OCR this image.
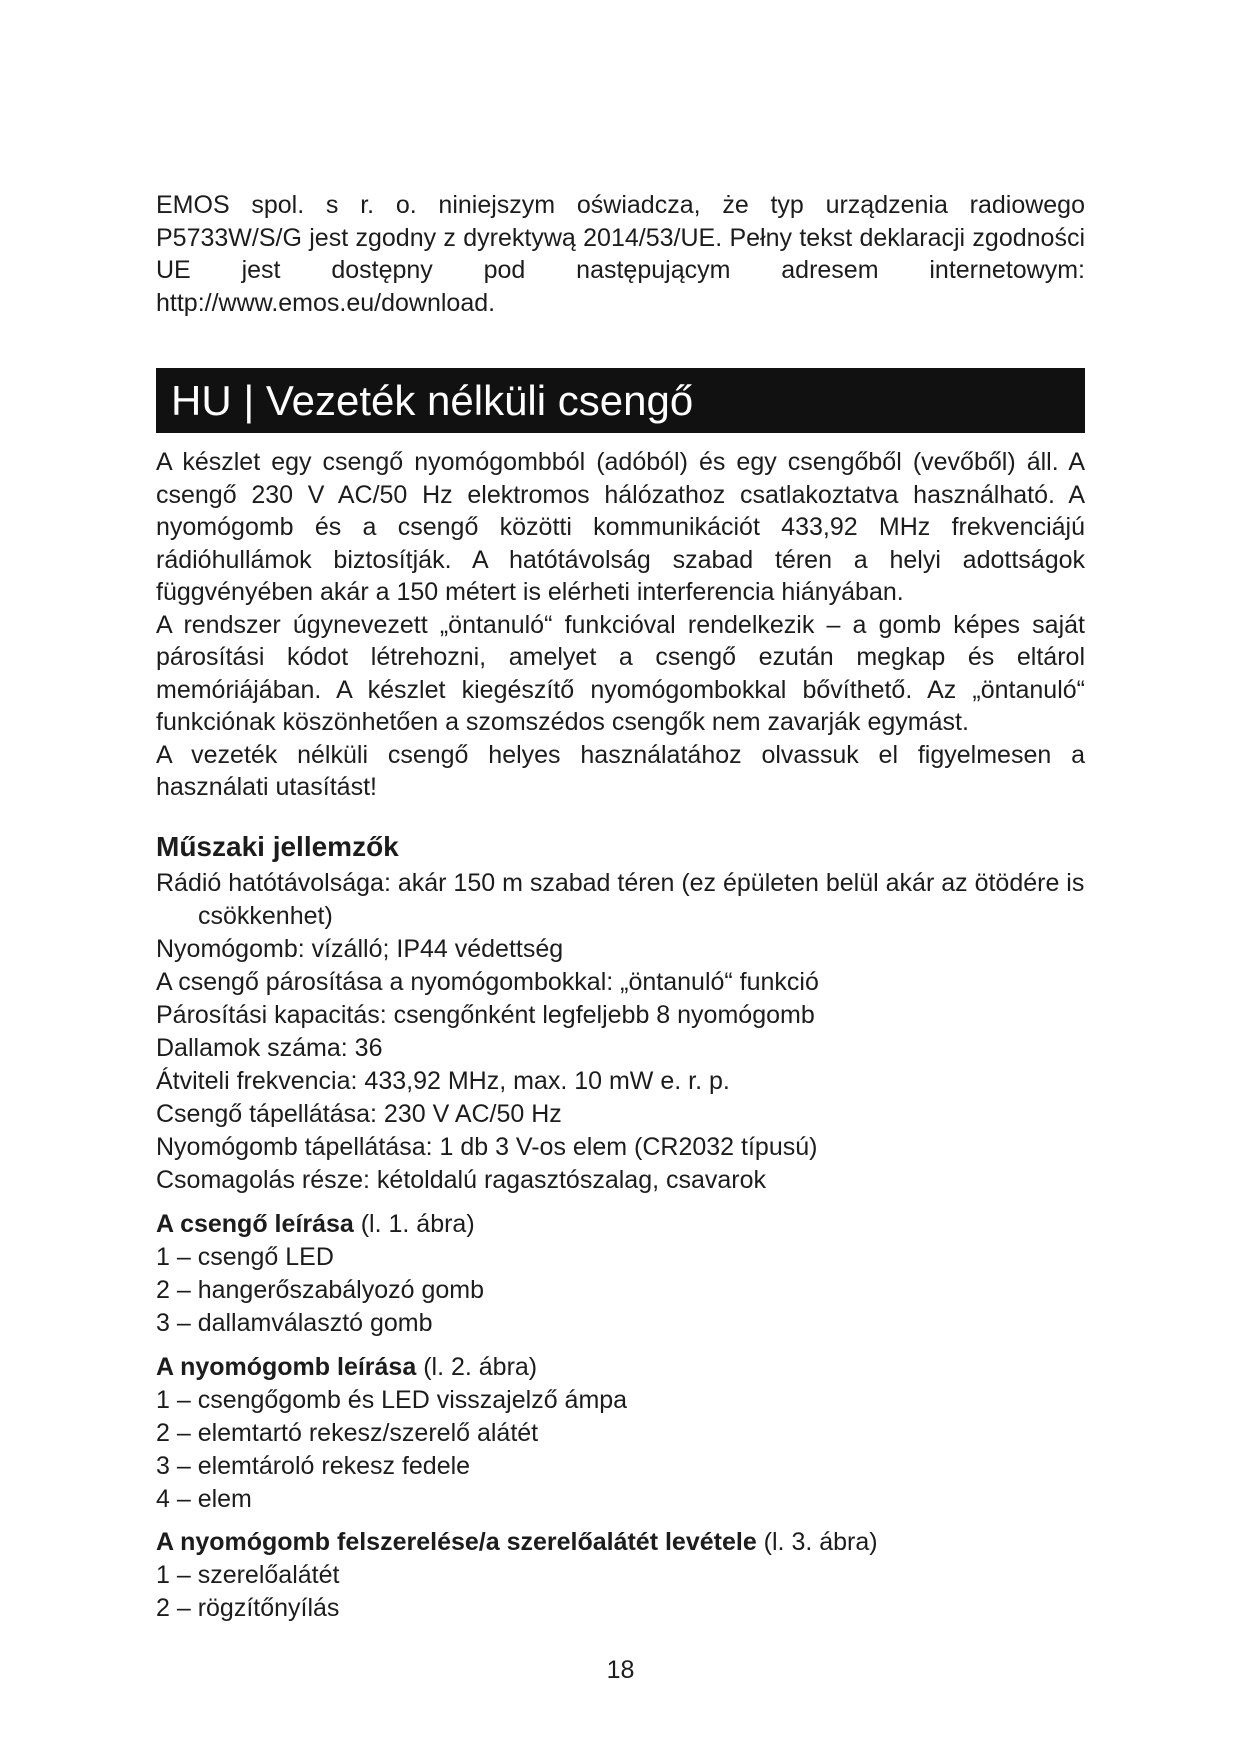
EMOS spol. s r. o. niniejszym oświadcza, że typ urządzenia radiowego P5733W/S/G jest zgodny z dyrektywą 2014/53/UE. Pełny tekst deklaracji zgodności UE jest dostępny pod następującym adresem internetowym: http://www.emos.eu/download.

HU | Vezeték nélküli csengő

A készlet egy csengő nyomógombból (adóból) és egy csengőből (vevőből) áll. A csengő 230 V AC/50 Hz elektromos hálózathoz csatlakoztatva használható. A nyomógomb és a csengő közötti kommunikációt 433,92 MHz frekvenciájú rádióhullámok biztosítják. A hatótávolság szabad téren a helyi adottságok függvényében akár a 150 métert is elérheti interferencia hiányában.

A rendszer úgynevezett „öntanuló“ funkcióval rendelkezik – a gomb képes saját párosítási kódot létrehozni, amelyet a csengő ezután megkap és eltárol memóriájában. A készlet kiegészítő nyomógombokkal bővíthető. Az „öntanuló“ funkciónak köszönhetően a szomszédos csengők nem zavarják egymást.

A vezeték nélküli csengő helyes használatához olvassuk el figyelmesen a használati utasítást!

Műszaki jellemzők
Rádió hatótávolsága: akár 150 m szabad téren (ez épületen belül akár az ötödére is csökkenhet)
Nyomógomb: vízálló; IP44 védettség
A csengő párosítása a nyomógombokkal: „öntanuló“ funkció
Párosítási kapacitás: csengőnként legfeljebb 8 nyomógomb
Dallamok száma: 36
Átviteli frekvencia: 433,92 MHz, max. 10 mW e. r. p.
Csengő tápellátása: 230 V AC/50 Hz
Nyomógomb tápellátása: 1 db 3 V-os elem (CR2032 típusú)
Csomagolás része: kétoldalú ragasztószalag, csavarok

A csengő leírása (l. 1. ábra)

1 – csengő LED
2 – hangerőszabályozó gomb
3 – dallamválasztó gomb

A nyomógomb leírása (l. 2. ábra)

1 – csengőgomb és LED visszajelző ámpa
2 – elemtartó rekesz/szerelő alátét
3 – elemtároló rekesz fedele
4 – elem

A nyomógomb felszerelése/a szerelőalátét levétele (l. 3. ábra)

1 – szerelőalátét
2 – rögzítőnyílás
18
